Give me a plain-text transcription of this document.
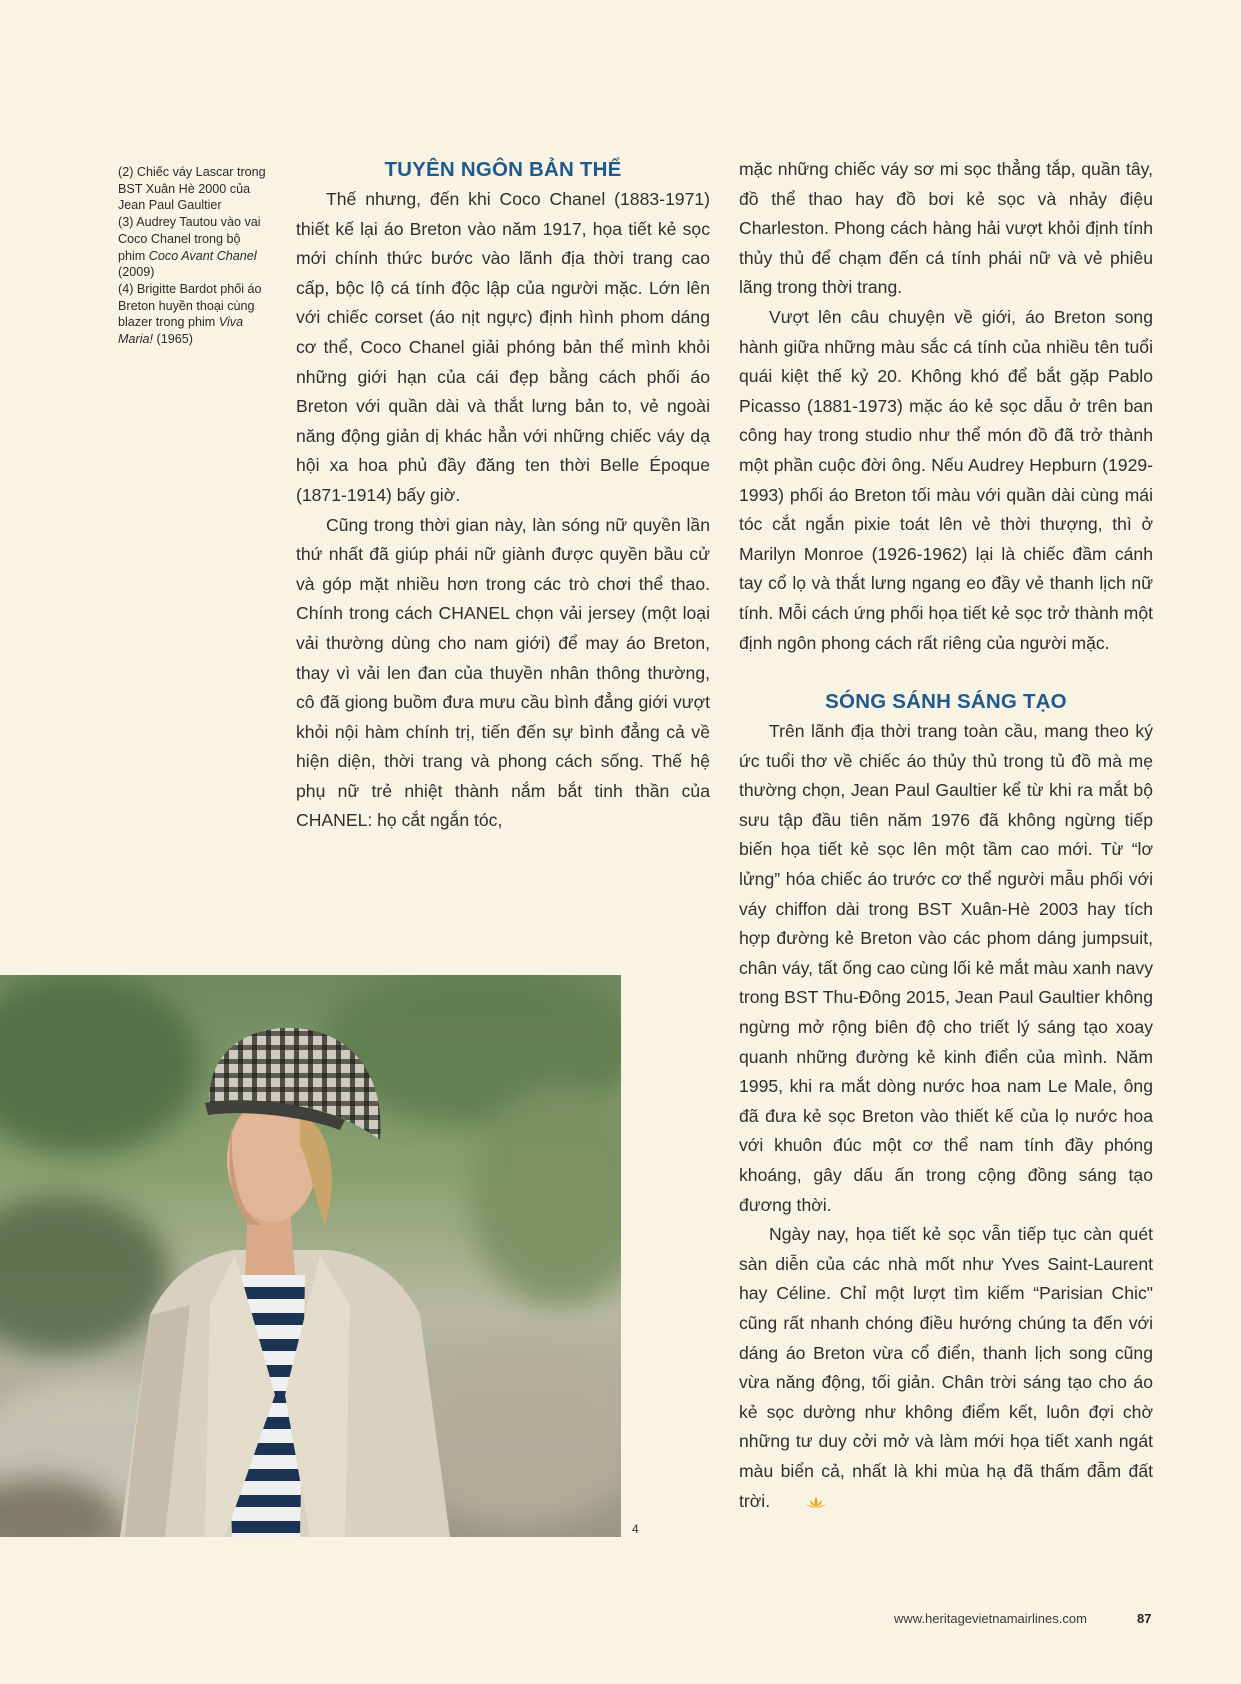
(2) Chiếc váy Lascar trong BST Xuân Hè 2000 của Jean Paul Gaultier

(3) Audrey Tautou vào vai Coco Chanel trong bộ phim Coco Avant Chanel (2009)

(4) Brigitte Bardot phối áo Breton huyền thoại cùng blazer trong phim Viva Maria! (1965)

TUYÊN NGÔN BẢN THỂ

Thế nhưng, đến khi Coco Chanel (1883-1971) thiết kế lại áo Breton vào năm 1917, họa tiết kẻ sọc mới chính thức bước vào lãnh địa thời trang cao cấp, bộc lộ cá tính độc lập của người mặc. Lớn lên với chiếc corset (áo nịt ngực) định hình phom dáng cơ thể, Coco Chanel giải phóng bản thể mình khỏi những giới hạn của cái đẹp bằng cách phối áo Breton với quần dài và thắt lưng bản to, vẻ ngoài năng động giản dị khác hẳn với những chiếc váy dạ hội xa hoa phủ đầy đăng ten thời Belle Époque (1871-1914) bấy giờ.

Cũng trong thời gian này, làn sóng nữ quyền lần thứ nhất đã giúp phái nữ giành được quyền bầu cử và góp mặt nhiều hơn trong các trò chơi thể thao. Chính trong cách CHANEL chọn vải jersey (một loại vải thường dùng cho nam giới) để may áo Breton, thay vì vải len đan của thuyền nhân thông thường, cô đã giong buồm đưa mưu cầu bình đẳng giới vượt khỏi nội hàm chính trị, tiến đến sự bình đẳng cả về hiện diện, thời trang và phong cách sống. Thế hệ phụ nữ trẻ nhiệt thành nắm bắt tinh thần của CHANEL: họ cắt ngắn tóc,

mặc những chiếc váy sơ mi sọc thẳng tắp, quần tây, đồ thể thao hay đồ bơi kẻ sọc và nhảy điệu Charleston. Phong cách hàng hải vượt khỏi định tính thủy thủ để chạm đến cá tính phái nữ và vẻ phiêu lãng trong thời trang.

Vượt lên câu chuyện về giới, áo Breton song hành giữa những màu sắc cá tính của nhiều tên tuổi quái kiệt thế kỷ 20. Không khó để bắt gặp Pablo Picasso (1881-1973) mặc áo kẻ sọc dẫu ở trên ban công hay trong studio như thể món đồ đã trở thành một phần cuộc đời ông. Nếu Audrey Hepburn (1929-1993) phối áo Breton tối màu với quần dài cùng mái tóc cắt ngắn pixie toát lên vẻ thời thượng, thì ở Marilyn Monroe (1926-1962) lại là chiếc đầm cánh tay cổ lọ và thắt lưng ngang eo đầy vẻ thanh lịch nữ tính. Mỗi cách ứng phối họa tiết kẻ sọc trở thành một định ngôn phong cách rất riêng của người mặc.

SÓNG SÁNH SÁNG TẠO

Trên lãnh địa thời trang toàn cầu, mang theo ký ức tuổi thơ về chiếc áo thủy thủ trong tủ đồ mà mẹ thường chọn, Jean Paul Gaultier kể từ khi ra mắt bộ sưu tập đầu tiên năm 1976 đã không ngừng tiếp biến họa tiết kẻ sọc lên một tầm cao mới. Từ “lơ lửng” hóa chiếc áo trước cơ thể người mẫu phối với váy chiffon dài trong BST Xuân-Hè 2003 hay tích hợp đường kẻ Breton vào các phom dáng jumpsuit, chân váy, tất ống cao cùng lối kẻ mắt màu xanh navy trong BST Thu-Đông 2015, Jean Paul Gaultier không ngừng mở rộng biên độ cho triết lý sáng tạo xoay quanh những đường kẻ kinh điển của mình. Năm 1995, khi ra mắt dòng nước hoa nam Le Male, ông đã đưa kẻ sọc Breton vào thiết kế của lọ nước hoa với khuôn đúc một cơ thể nam tính đầy phóng khoáng, gây dấu ấn trong cộng đồng sáng tạo đương thời.

Ngày nay, họa tiết kẻ sọc vẫn tiếp tục càn quét sàn diễn của các nhà mốt như Yves Saint-Laurent hay Céline. Chỉ một lượt tìm kiếm “Parisian Chic" cũng rất nhanh chóng điều hướng chúng ta đến với dáng áo Breton vừa cổ điển, thanh lịch song cũng vừa năng động, tối giản. Chân trời sáng tạo cho áo kẻ sọc dường như không điểm kết, luôn đợi chờ những tư duy cởi mở và làm mới họa tiết xanh ngát màu biển cả, nhất là khi mùa hạ đã thấm đẫm đất trời.

4
www.heritagevietnamairlines.com	87
